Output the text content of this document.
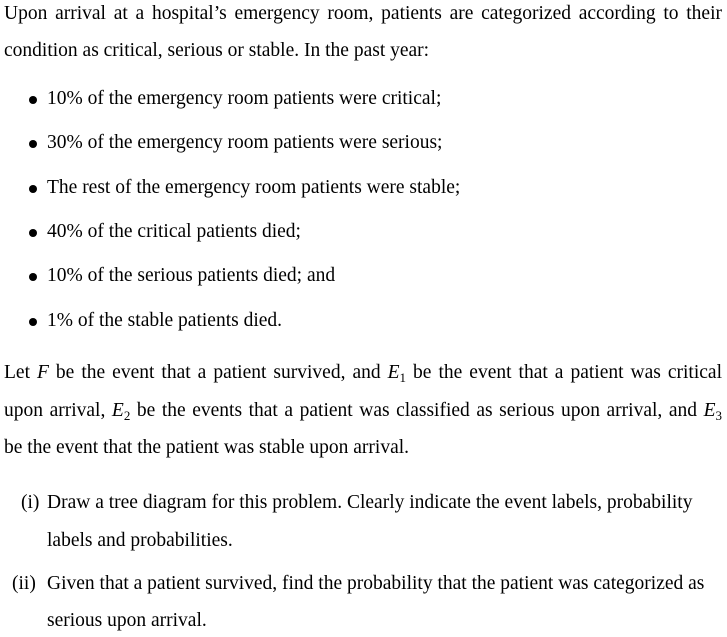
Upon arrival at a hospital’s emergency room, patients are categorized according to their
condition as critical, serious or stable. In the past year:
10% of the emergency room patients were critical;
30% of the emergency room patients were serious;
The rest of the emergency room patients were stable;
40% of the critical patients died;
10% of the serious patients died; and
1% of the stable patients died.
Let F be the event that a patient survived, and $E_1$ be the event that a patient was critical
upon arrival, $E_2$ be the events that a patient was classified as serious upon arrival, and $E_3$
be the event that the patient was stable upon arrival.
(i) Draw a tree diagram for this problem. Clearly indicate the event labels, probability
labels and probabilities.
(ii) Given that a patient survived, find the probability that the patient was categorized as
serious upon arrival.
